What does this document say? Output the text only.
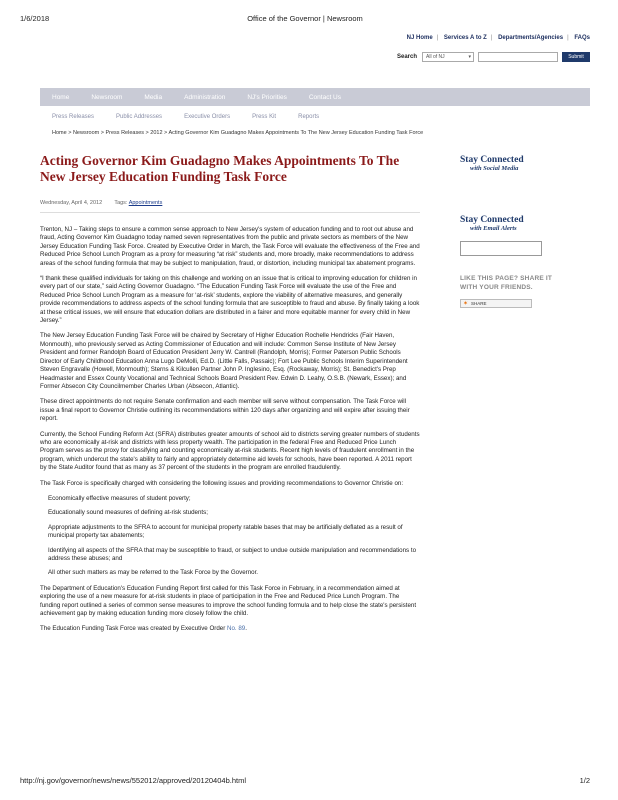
1/6/2018	Office of the Governor | Newsroom
NJ Home | Services A to Z | Departments/Agencies | FAQs
Search	All of NJ	▾	Submit
Home	Newsroom	Media	Administration	NJ's Priorities	Contact Us
Press Releases	Public Addresses	Executive Orders	Press Kit	Reports
Home > Newsroom > Press Releases > 2012 > Acting Governor Kim Guadagno Makes Appointments To The New Jersey Education Funding Task Force
Acting Governor Kim Guadagno Makes Appointments To The New Jersey Education Funding Task Force
Wednesday, April 4, 2012 Tags: Appointments

Trenton, NJ – Taking steps to ensure a common sense approach to New Jersey's system of education funding and to root out abuse and fraud, Acting Governor Kim Guadagno today named seven representatives from the public and private sectors as members of the New Jersey Education Funding Task Force. Created by Executive Order in March, the Task Force will evaluate the effectiveness of the Free and Reduced Price School Lunch Program as a proxy for measuring “at risk” students and, more broadly, make recommendations to address areas of the school funding formula that may be subject to manipulation, fraud, or distortion, including municipal tax abatement programs.

“I thank these qualified individuals for taking on this challenge and working on an issue that is critical to improving education for children in every part of our state,” said Acting Governor Guadagno. “The Education Funding Task Force will evaluate the use of the Free and Reduced Price School Lunch Program as a measure for ‘at-risk’ students, explore the viability of alternative measures, and generally provide recommendations to address aspects of the school funding formula that are susceptible to fraud and abuse. By finally taking a look at these critical issues, we will ensure that education dollars are distributed in a fairer and more equitable manner for every child in New Jersey.”

The New Jersey Education Funding Task Force will be chaired by Secretary of Higher Education Rochelle Hendricks (Fair Haven, Monmouth), who previously served as Acting Commissioner of Education and will include: Common Sense Institute of New Jersey President and former Randolph Board of Education President Jerry W. Cantrell (Randolph, Morris); Former Paterson Public Schools Director of Early Childhood Education Anna Lugo DeMolli, Ed.D. (Little Falls, Passaic); Fort Lee Public Schools Interim Superintendent Steven Engravalle (Howell, Monmouth); Sterns & Kilcullen Partner John P. Inglesino, Esq. (Rockaway, Morris); St. Benedict's Prep Headmaster and Essex County Vocational and Technical Schools Board President Rev. Edwin D. Leahy, O.S.B. (Newark, Essex); and Former Absecon City Councilmember Charles Urban (Absecon, Atlantic).

These direct appointments do not require Senate confirmation and each member will serve without compensation. The Task Force will issue a final report to Governor Christie outlining its recommendations within 120 days after organizing and will expire after issuing their report.

Currently, the School Funding Reform Act (SFRA) distributes greater amounts of school aid to districts serving greater numbers of students who are economically at-risk and districts with less property wealth. The participation in the federal Free and Reduced Price Lunch Program serves as the proxy for classifying and counting economically at-risk students. Recent high levels of fraudulent enrollment in the program, which undercut the state's ability to fairly and appropriately determine aid levels for schools, have been reported. A 2011 report by the State Auditor found that as many as 37 percent of the students in the program are enrolled fraudulently.

The Task Force is specifically charged with considering the following issues and providing recommendations to Governor Christie on:

Economically effective measures of student poverty;
Educationally sound measures of defining at-risk students;
Appropriate adjustments to the SFRA to account for municipal property ratable bases that may be artificially deflated as a result of municipal property tax abatements;
Identifying all aspects of the SFRA that may be susceptible to fraud, or subject to undue outside manipulation and recommendations to address these abuses; and
All other such matters as may be referred to the Task Force by the Governor.

The Department of Education's Education Funding Report first called for this Task Force in February, in a recommendation aimed at exploring the use of a new measure for at-risk students in place of participation in the Free and Reduced Price Lunch Program. The funding report outlined a series of common sense measures to improve the school funding formula and to help close the state's persistent achievement gap by making education funding more closely follow the child.

The Education Funding Task Force was created by Executive Order No. 89.

Stay Connected
with Social Media
Stay Connected
with Email Alerts
LIKE THIS PAGE? SHARE IT WITH YOUR FRIENDS.
✶ SHARE
http://nj.gov/governor/news/news/552012/approved/20120404b.html	1/2
